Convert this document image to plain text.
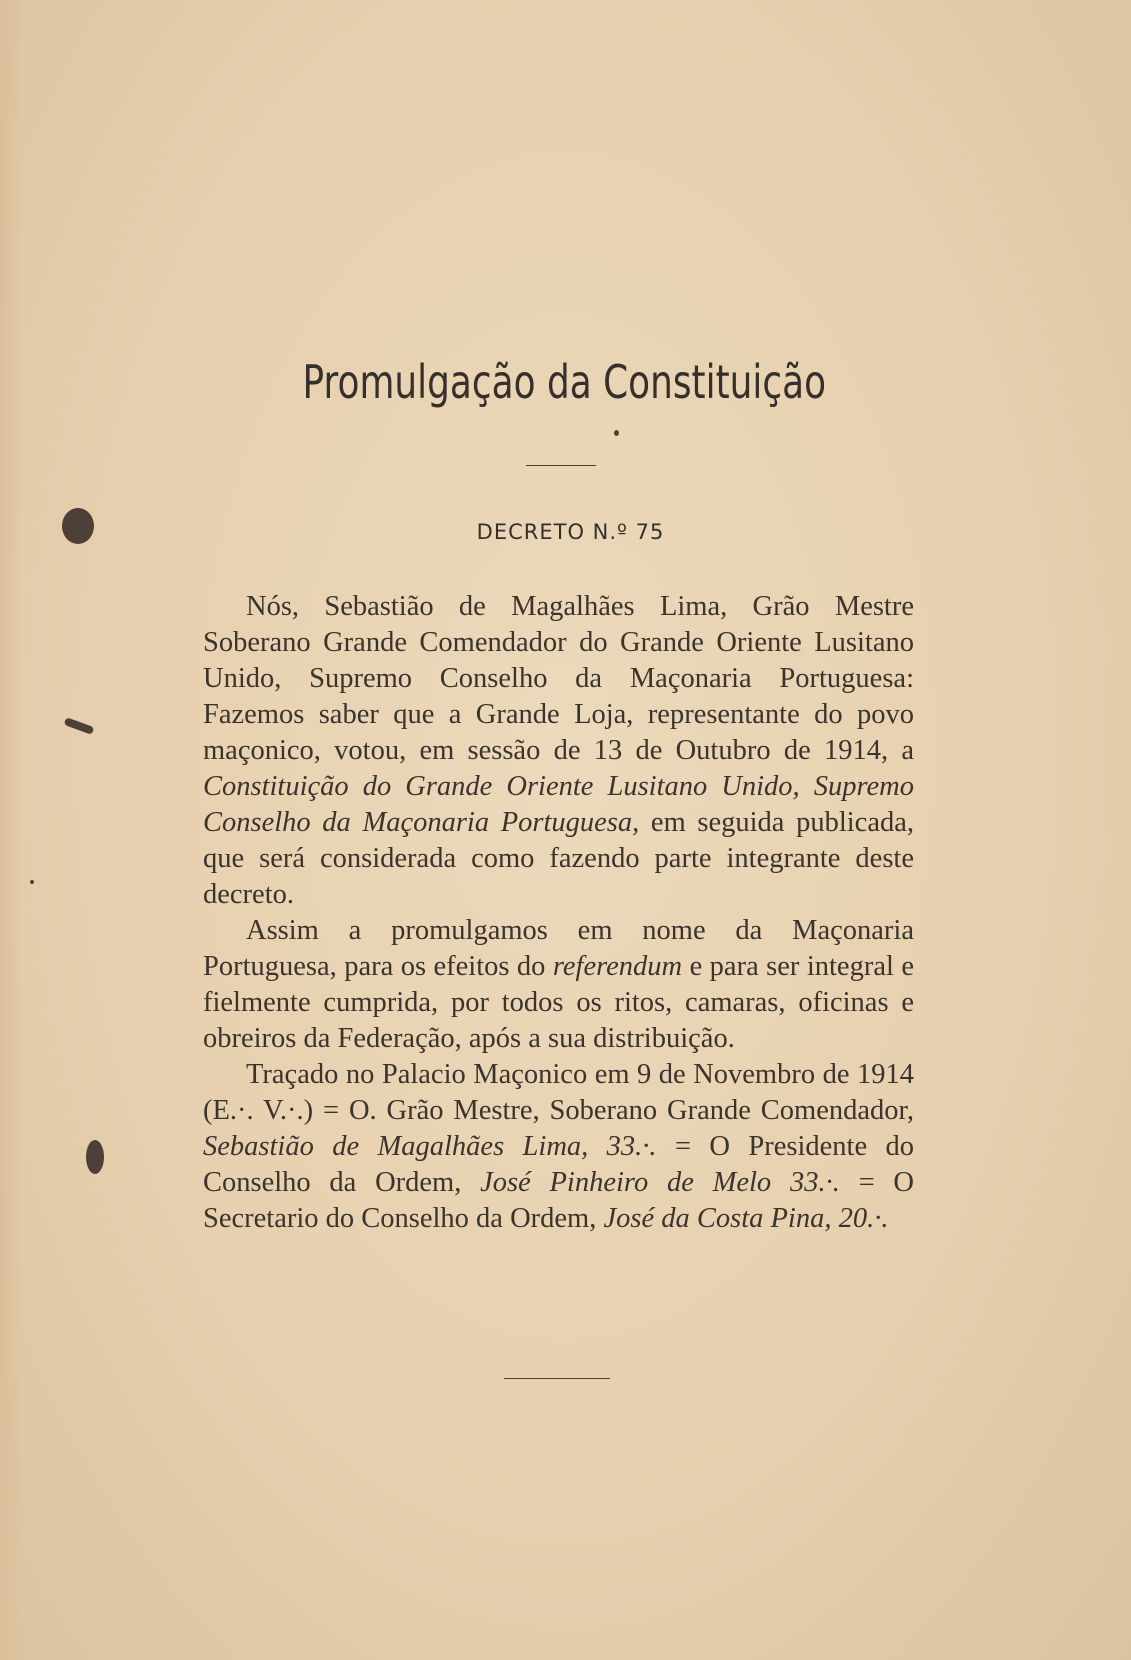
Promulgação da Constituição
DECRETO N.º 75

Nós, Sebastião de Magalhães Lima, Grão Mestre Soberano Grande Comendador do Grande Oriente Lusitano Unido, Supremo Conselho da Maçonaria Portuguesa: Fazemos saber que a Grande Loja, representante do povo maçonico, votou, em sessão de 13 de Outubro de 1914, a Constituição do Grande Oriente Lusitano Unido, Supremo Conselho da Maçonaria Portuguesa, em seguida publicada, que será considerada como fazendo parte integrante deste decreto.

Assim a promulgamos em nome da Maçonaria Portuguesa, para os efeitos do referendum e para ser integral e fielmente cumprida, por todos os ritos, camaras, oficinas e obreiros da Federação, após a sua distribuição.

Traçado no Palacio Maçonico em 9 de Novembro de 1914 (E.·. V.·.) = O. Grão Mestre, Soberano Grande Comendador, Sebastião de Magalhães Lima, 33.·. = O Presidente do Conselho da Ordem, José Pinheiro de Melo 33.·. = O Secretario do Conselho da Ordem, José da Costa Pina, 20.·.
